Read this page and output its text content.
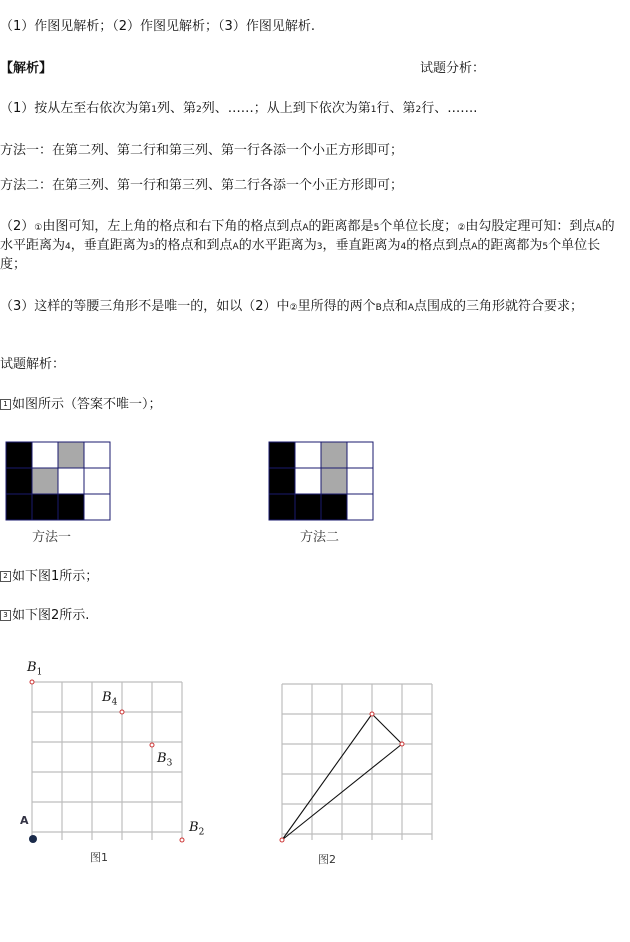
（1）作图见解析；（2）作图见解析；（3）作图见解析.
【解析】	试题分析：
（1）按从左至右依次为第1列、第2列、……；从上到下依次为第1行、第2行、…….
方法一：在第二列、第二行和第三列、第一行各添一个小正方形即可；
方法二：在第三列、第一行和第三列、第二行各添一个小正方形即可；
（2）①由图可知，左上角的格点和右下角的格点到点A的距离都是5个单位长度；②由勾股定理可知：到点A的水平距离为4，垂直距离为3的格点和到点A的水平距离为3，垂直距离为4的格点到点A的距离都为5个单位长度；
（3）这样的等腰三角形不是唯一的，如以（2）中②里所得的两个B点和A点围成的三角形就符合要求；
试题解析：
1 如图所示（答案不唯一）；
方法一	方法二
2 如下图1所示；
3 如下图2所示.
$B_1$
$B_4$
$B_3$
$B_2$
A
图1	图2
